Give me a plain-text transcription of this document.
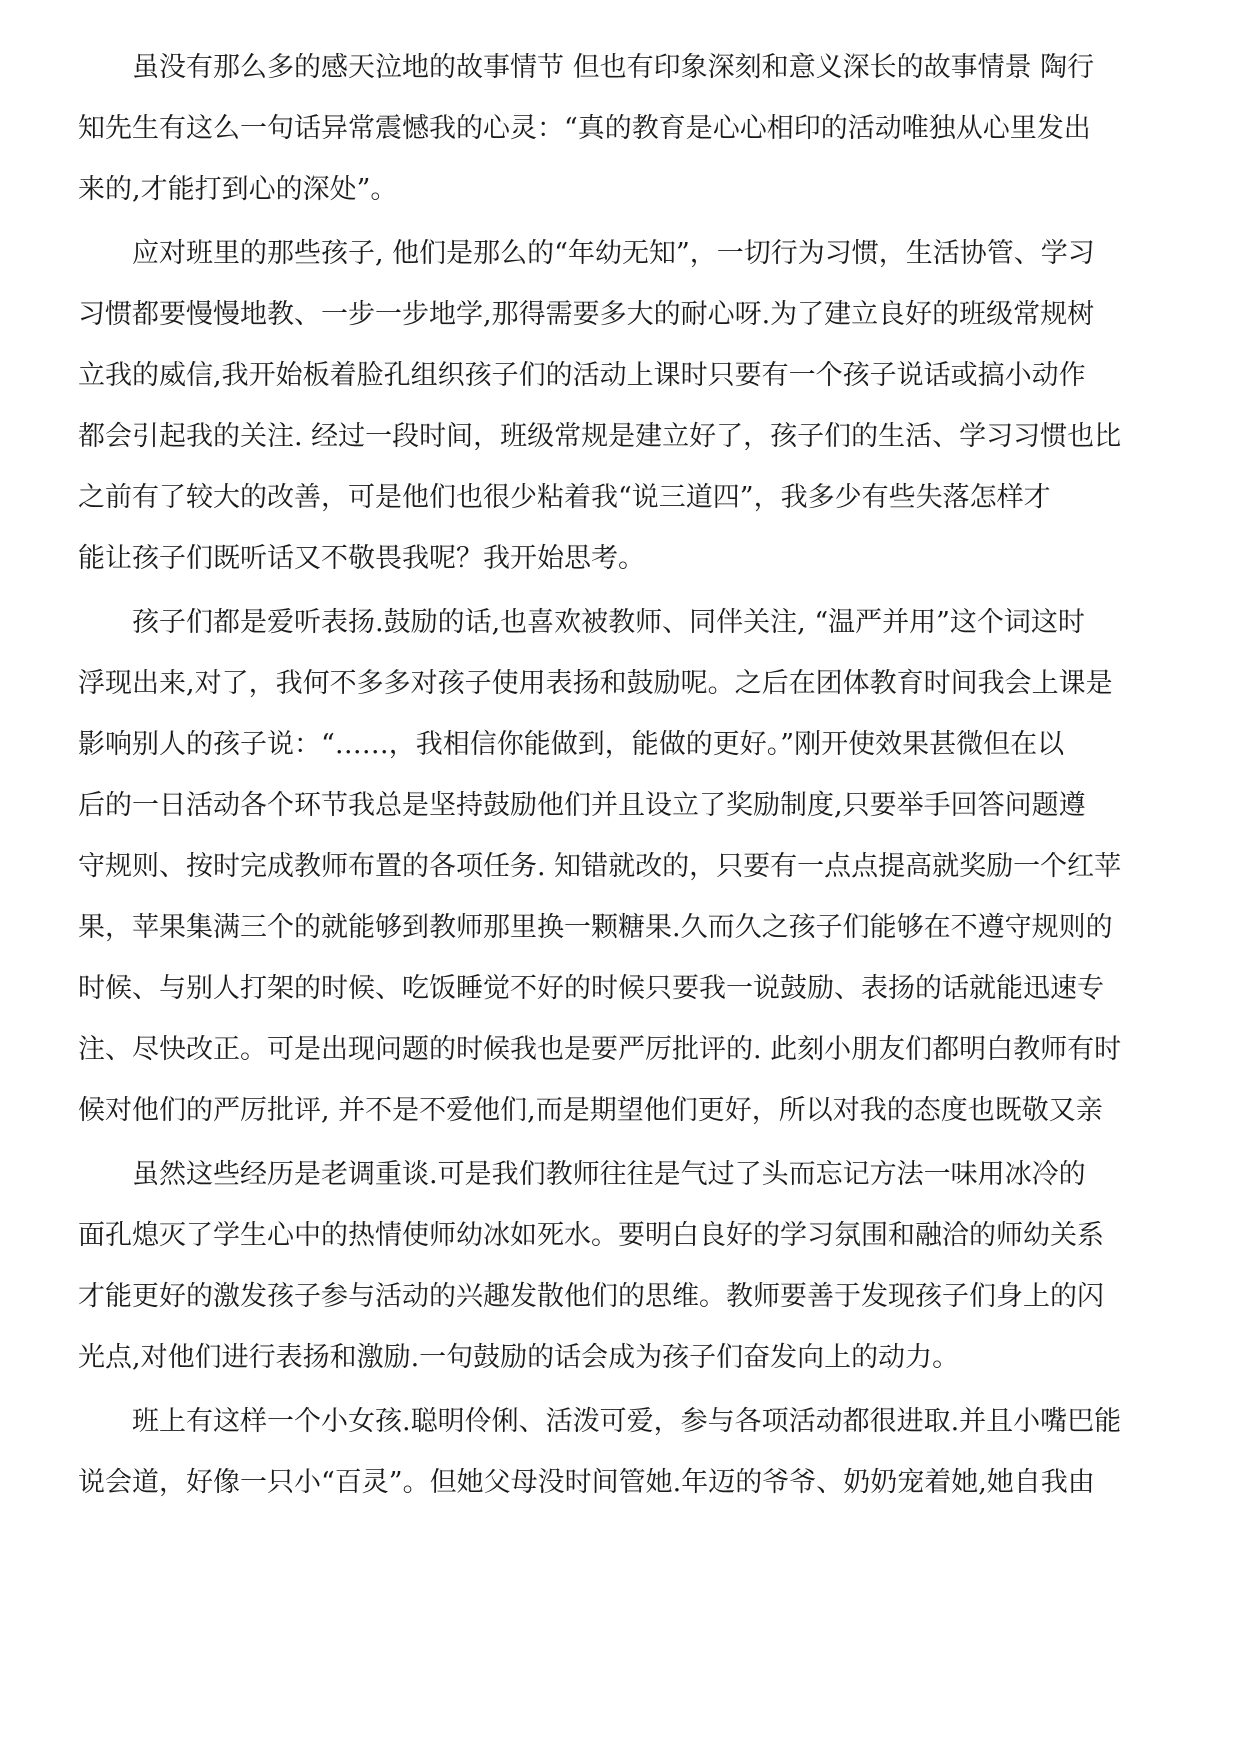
虽没有那么多的感天泣地的故事情节 但也有印象深刻和意义深长的故事情景 陶行
知先生有这么一句话异常震憾我的心灵：“真的教育是心心相印的活动唯独从心里发出
来的,才能打到心的深处”。
应对班里的那些孩子, 他们是那么的“年幼无知”，一切行为习惯，生活协管、学习
习惯都要慢慢地教、一步一步地学,那得需要多大的耐心呀.为了建立良好的班级常规树
立我的威信,我开始板着脸孔组织孩子们的活动上课时只要有一个孩子说话或搞小动作
都会引起我的关注. 经过一段时间，班级常规是建立好了，孩子们的生活、学习习惯也比
之前有了较大的改善，可是他们也很少粘着我“说三道四”，我多少有些失落怎样才
能让孩子们既听话又不敬畏我呢？我开始思考。
孩子们都是爱听表扬.鼓励的话,也喜欢被教师、同伴关注, “温严并用”这个词这时
浮现出来,对了，我何不多多对孩子使用表扬和鼓励呢。之后在团体教育时间我会上课是
影响别人的孩子说：“……，我相信你能做到，能做的更好。”刚开使效果甚微但在以
后的一日活动各个环节我总是坚持鼓励他们并且设立了奖励制度,只要举手回答问题遵
守规则、按时完成教师布置的各项任务. 知错就改的，只要有一点点提高就奖励一个红苹
果，苹果集满三个的就能够到教师那里换一颗糖果.久而久之孩子们能够在不遵守规则的
时候、与别人打架的时候、吃饭睡觉不好的时候只要我一说鼓励、表扬的话就能迅速专
注、尽快改正。可是出现问题的时候我也是要严厉批评的. 此刻小朋友们都明白教师有时
候对他们的严厉批评, 并不是不爱他们,而是期望他们更好，所以对我的态度也既敬又亲
虽然这些经历是老调重谈.可是我们教师往往是气过了头而忘记方法一味用冰冷的
面孔熄灭了学生心中的热情使师幼冰如死水。要明白良好的学习氛围和融洽的师幼关系
才能更好的激发孩子参与活动的兴趣发散他们的思维。教师要善于发现孩子们身上的闪
光点,对他们进行表扬和激励.一句鼓励的话会成为孩子们奋发向上的动力。
班上有这样一个小女孩.聪明伶俐、活泼可爱，参与各项活动都很进取.并且小嘴巴能
说会道，好像一只小“百灵”。但她父母没时间管她.年迈的爷爷、奶奶宠着她,她自我由
